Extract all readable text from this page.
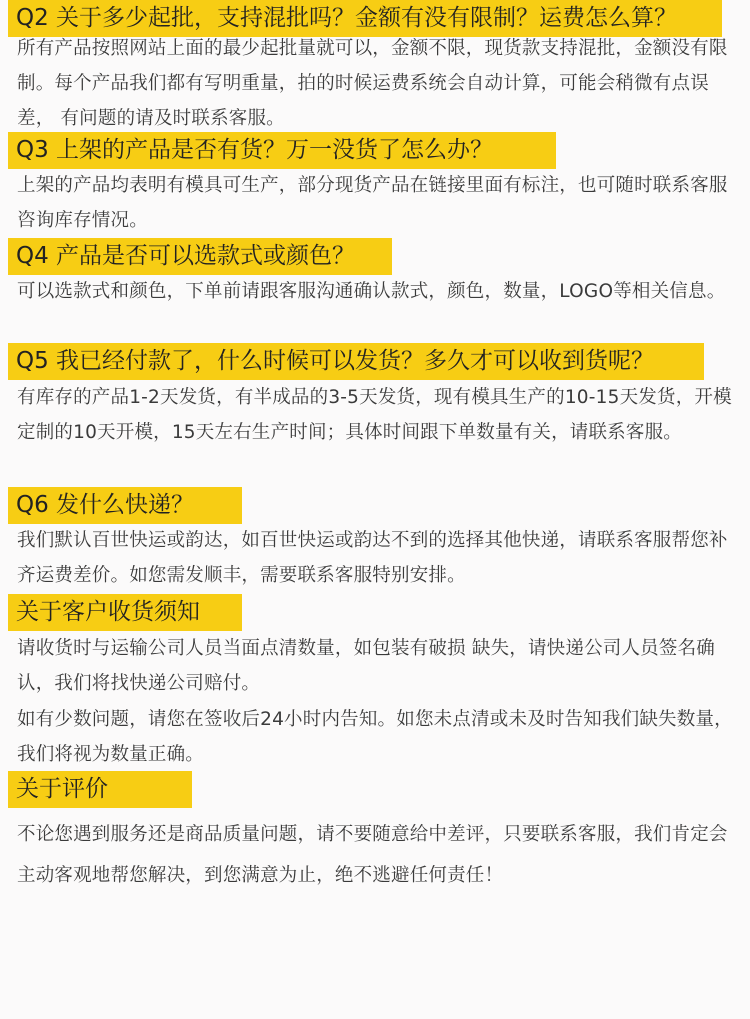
Q2 关于多少起批，支持混批吗？金额有没有限制？运费怎么算？
所有产品按照网站上面的最少起批量就可以，金额不限，现货款支持混批，金额没有限制。每个产品我们都有写明重量，拍的时候运费系统会自动计算，可能会稍微有点误差， 有问题的请及时联系客服。
Q3 上架的产品是否有货？万一没货了怎么办？
上架的产品均表明有模具可生产，部分现货产品在链接里面有标注，也可随时联系客服咨询库存情况。
Q4 产品是否可以选款式或颜色？
可以选款式和颜色，下单前请跟客服沟通确认款式，颜色，数量，LOGO等相关信息。
Q5 我已经付款了，什么时候可以发货？多久才可以收到货呢？
有库存的产品1-2天发货，有半成品的3-5天发货，现有模具生产的10-15天发货，开模定制的10天开模，15天左右生产时间；具体时间跟下单数量有关，请联系客服。
Q6 发什么快递？
我们默认百世快运或韵达，如百世快运或韵达不到的选择其他快递，请联系客服帮您补齐运费差价。如您需发顺丰，需要联系客服特别安排。
关于客户收货须知
请收货时与运输公司人员当面点清数量，如包装有破损 缺失，请快递公司人员签名确认，我们将找快递公司赔付。
如有少数问题，请您在签收后24小时内告知。如您未点清或未及时告知我们缺失数量，我们将视为数量正确。
关于评价
不论您遇到服务还是商品质量问题，请不要随意给中差评，只要联系客服，我们肯定会主动客观地帮您解决，到您满意为止，绝不逃避任何责任！
